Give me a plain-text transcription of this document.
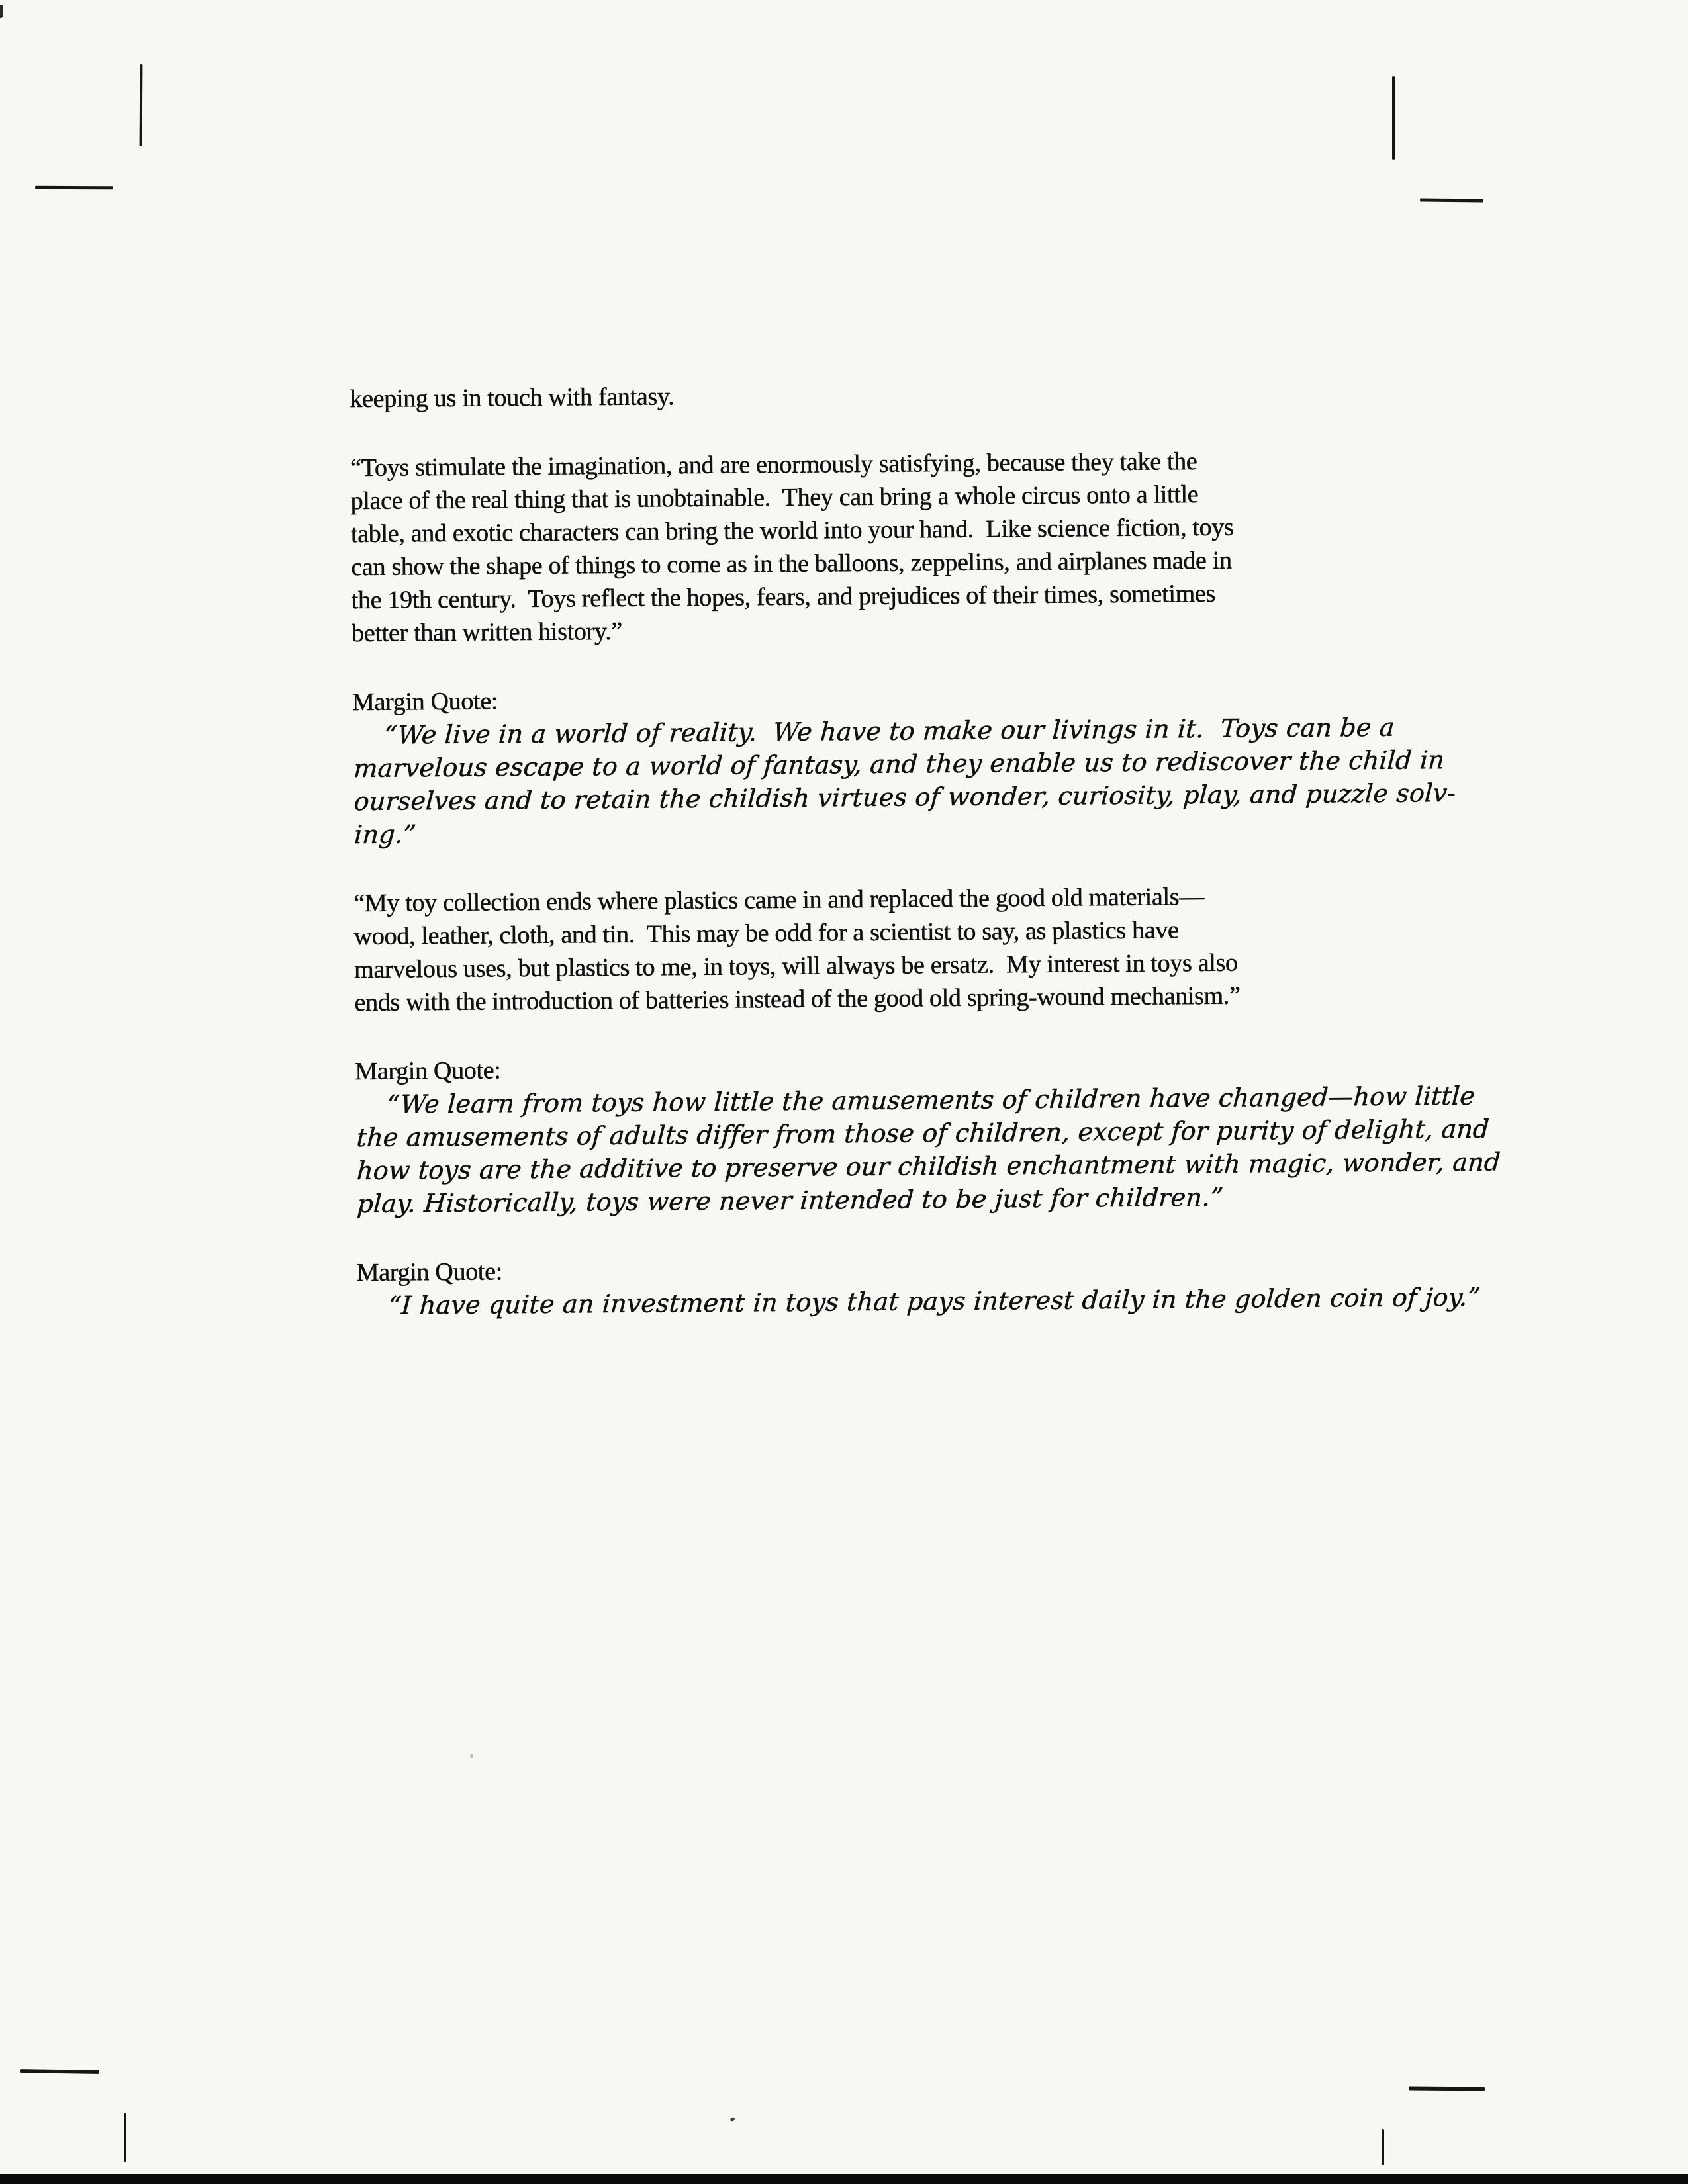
keeping us in touch with fantasy.
“Toys stimulate the imagination, and are enormously satisfying, because they take the
place of the real thing that is unobtainable.  They can bring a whole circus onto a little
table, and exotic characters can bring the world into your hand.  Like science fiction, toys
can show the shape of things to come as in the balloons, zeppelins, and airplanes made in
the 19th century.  Toys reflect the hopes, fears, and prejudices of their times, sometimes
better than written history.”
Margin Quote:
“We live in a world of reality.  We have to make our livings in it.  Toys can be a
marvelous escape to a world of fantasy, and they enable us to rediscover the child in
ourselves and to retain the childish virtues of wonder, curiosity, play, and puzzle solv-
ing.”
“My toy collection ends where plastics came in and replaced the good old materials—
wood, leather, cloth, and tin.  This may be odd for a scientist to say, as plastics have
marvelous uses, but plastics to me, in toys, will always be ersatz.  My interest in toys also
ends with the introduction of batteries instead of the good old spring-wound mechanism.”
Margin Quote:
“We learn from toys how little the amusements of children have changed—how little
the amusements of adults differ from those of children, except for purity of delight, and
how toys are the additive to preserve our childish enchantment with magic, wonder, and
play. Historically, toys were never intended to be just for children.”
Margin Quote:
“I have quite an investment in toys that pays interest daily in the golden coin of joy.”
